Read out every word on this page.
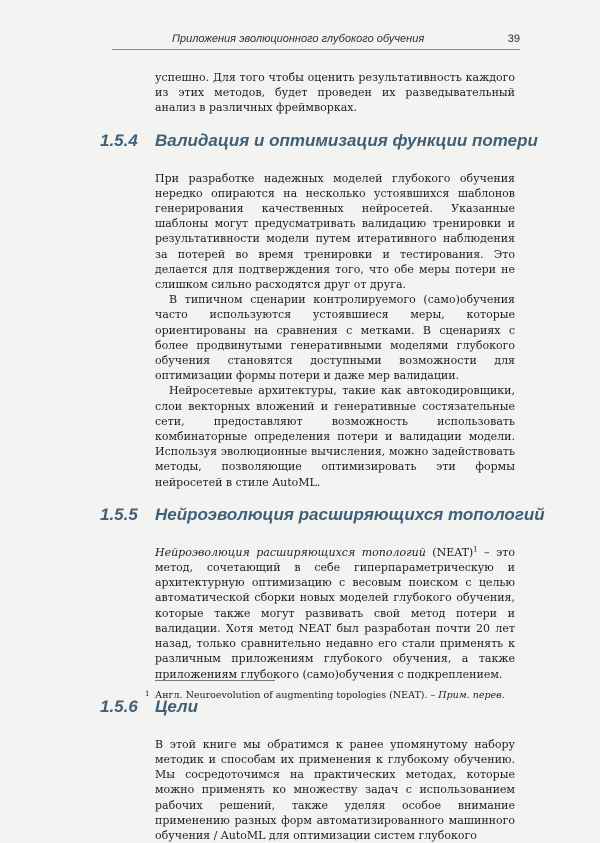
Приложения эволюционного глубокого обучения	39

успешно. Для того чтобы оценить результативность каждого из этих методов, будет проведен их разведывательный анализ в различных фреймворках.

1.5.4	Валидация и оптимизация функции потери

При разработке надежных моделей глубокого обучения нередко опираются на несколько устоявшихся шаблонов генерирования качественных нейросетей. Указанные шаблоны могут предусматривать валидацию тренировки и результативности модели путем итеративного наблюдения за потерей во время тренировки и тестирования. Это делается для подтверждения того, что обе меры потери не слишком сильно расходятся друг от друга.

В типичном сценарии контролируемого (само)обучения часто используются устоявшиеся меры, которые ориентированы на сравнения с метками. В сценариях с более продвинутыми генеративными моделями глубокого обучения становятся доступными возможности для оптимизации формы потери и даже мер валидации.

Нейросетевые архитектуры, такие как автокодировщики, слои векторных вложений и генеративные состязательные сети, предоставляют возможность использовать комбинаторные определения потери и валидации модели. Используя эволюционные вычисления, можно задействовать методы, позволяющие оптимизировать эти формы нейросетей в стиле AutoML.

1.5.5	Нейроэволюция расширяющихся топологий

Нейроэволюция расширяющихся топологий (NEAT)$^1$ – это метод, сочетающий в себе гиперпараметрическую и архитектурную оптимизацию с весовым поиском с целью автоматической сборки новых моделей глубокого обучения, которые также могут развивать свой метод потери и валидации. Хотя метод NEAT был разработан почти 20 лет назад, только сравнительно недавно его стали применять к различным приложениям глубокого обучения, а также приложениям глубокого (само)обучения с подкреплением.

1.5.6	Цели

В этой книге мы обратимся к ранее упомянутому набору методик и способам их применения к глубокому обучению. Мы сосредоточимся на практических методах, которые можно применять ко множеству задач с использованием рабочих решений, также уделяя особое внимание применению разных форм автоматизированного машинного обучения / AutoML для оптимизации систем глубокого

1 Англ. Neuroevolution of augmenting topologies (NEAT). – Прим. перев.
